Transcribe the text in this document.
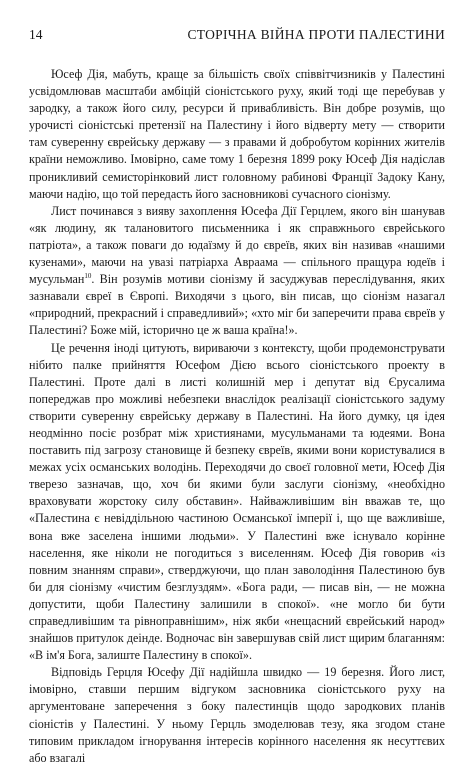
14	СТОРІЧНА ВІЙНА ПРОТИ ПАЛЕСТИНИ

Юсеф Дія, мабуть, краще за більшість своїх співвітчизників у Палестині усвідомлював масштаби амбіцій сіоністського руху, який тоді ще перебував у зародку, а також його силу, ресурси й привабливість. Він добре розумів, що урочисті сіоністські претензії на Палестину і його відверту мету — створити там суверенну єврейську державу — з правами й добробутом корінних жителів країни неможливо. Імовірно, саме тому 1 березня 1899 року Юсеф Дія надіслав проникливий семисторінковий лист головному рабинові Франції Задоку Кану, маючи надію, що той передасть його засновникові сучасного сіонізму.

Лист починався з вияву захоплення Юсефа Дії Герцлем, якого він шанував «як людину, як талановитого письменника і як справжнього єврейського патріота», а також поваги до юдаїзму й до євреїв, яких він називав «нашими кузенами», маючи на увазі патріарха Авраама — спільного пращура юдеїв і мусульман$^{10}$. Він розумів мотиви сіонізму й засуджував переслідування, яких зазнавали євреї в Європі. Виходячи з цього, він писав, що сіонізм назагал «природний, прекрасний і справедливий»; «хто міг би заперечити права євреїв у Палестині? Боже мій, історично це ж ваша країна!».

Це речення іноді цитують, вириваючи з контексту, щоби продемонструвати нібито палке прийняття Юсефом Дією всього сіоністського проекту в Палестині. Проте далі в листі колишній мер і депутат від Єрусалима попереджав про можливі небезпеки внаслідок реалізації сіоністського задуму створити суверенну єврейську державу в Палестині. На його думку, ця ідея неодмінно посіє розбрат між християнами, мусульманами та юдеями. Вона поставить під загрозу становище й безпеку євреїв, якими вони користувалися в межах усіх османських володінь. Переходячи до своєї головної мети, Юсеф Дія тверезо зазначав, що, хоч би якими були заслуги сіонізму, «необхідно враховувати жорстоку силу обставин». Найважливішим він вважав те, що «Палестина є невіддільною частиною Османської імперії і, що ще важливіше, вона вже заселена іншими людьми». У Палестині вже існувало корінне населення, яке ніколи не погодиться з виселенням. Юсеф Дія говорив «із повним знанням справи», стверджуючи, що план заволодіння Палестиною був би для сіонізму «чистим безглуздям». «Бога ради, — писав він, — не можна допустити, щоби Палестину залишили в спокої». «не могло би бути справедливішим та рівноправнішим», ніж якби «нещасний єврейський народ» знайшов притулок деінде. Водночас він завершував свій лист щирим благанням: «В ім'я Бога, залиште Палестину в спокої».

Відповідь Герцля Юсефу Дії надійшла швидко — 19 березня. Його лист, імовірно, ставши першим відгуком засновника сіоністського руху на аргументоване заперечення з боку палестинців щодо зародкових планів сіоністів у Палестині. У ньому Герцль змоделював тезу, яка згодом стане типовим прикладом ігнорування інтересів корінного населення як несуттєвих або взагалі
